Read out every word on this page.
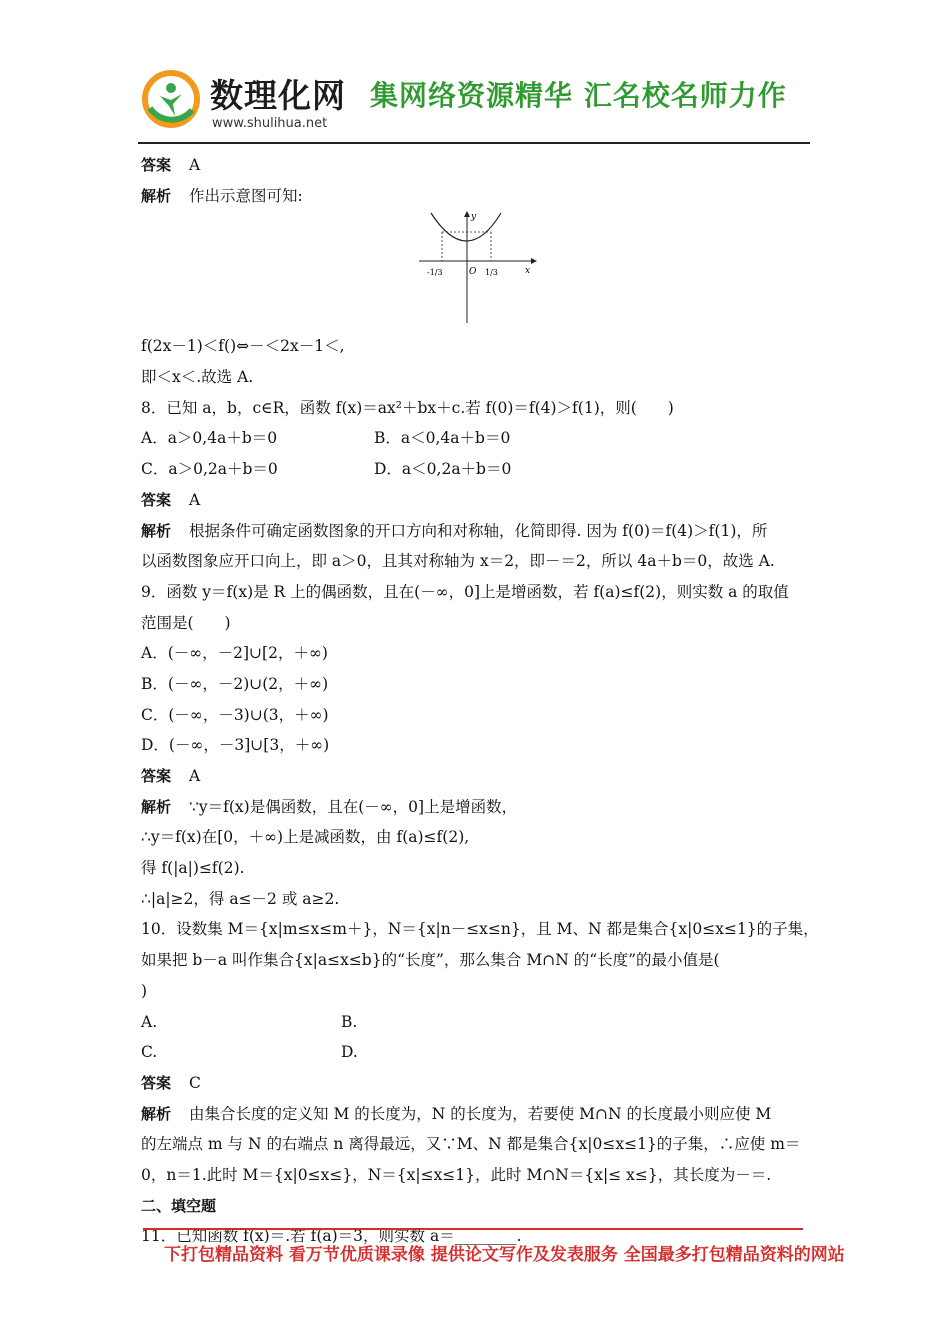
数理化网
www.shulihua.net
集网络资源精华 汇名校名师力作
答案 A
解析 作出示意图可知:
y
x
O
-1/3	1/3
f(2x－1)＜f()⇔－＜2x－1＜,
即＜x＜.故选 A.
8．已知 a，b，c∈R，函数 f(x)＝ax²＋bx＋c.若 f(0)＝f(4)＞f(1)，则(　　)
A．a＞0,4a＋b＝0	B．a＜0,4a＋b＝0
C．a＞0,2a＋b＝0	D．a＜0,2a＋b＝0
答案 A
解析 根据条件可确定函数图象的开口方向和对称轴，化简即得. 因为 f(0)＝f(4)＞f(1)，所
以函数图象应开口向上，即 a＞0，且其对称轴为 x＝2，即－＝2，所以 4a＋b＝0，故选 A.
9．函数 y＝f(x)是 R 上的偶函数，且在(－∞，0]上是增函数，若 f(a)≤f(2)，则实数 a 的取值
范围是(　　)
A．(－∞，－2]∪[2，＋∞)
B．(－∞，－2)∪(2，＋∞)
C．(－∞，－3)∪(3，＋∞)
D．(－∞，－3]∪[3，＋∞)
答案 A
解析 ∵y＝f(x)是偶函数，且在(－∞，0]上是增函数，
∴y＝f(x)在[0，＋∞)上是减函数，由 f(a)≤f(2),
得 f(|a|)≤f(2).
∴|a|≥2，得 a≤－2 或 a≥2.
10．设数集 M＝{x|m≤x≤m＋}，N＝{x|n－≤x≤n}，且 M、N 都是集合{x|0≤x≤1}的子集，
如果把 b－a 叫作集合{x|a≤x≤b}的“长度”，那么集合 M∩N 的“长度”的最小值是(
)
A.	B.
C.	D.
答案 C
解析 由集合长度的定义知 M 的长度为，N 的长度为，若要使 M∩N 的长度最小则应使 M
的左端点 m 与 N 的右端点 n 离得最远，又∵M、N 都是集合{x|0≤x≤1}的子集，∴应使 m＝
0，n＝1.此时 M＝{x|0≤x≤}，N＝{x|≤x≤1}，此时 M∩N＝{x|≤ x≤}，其长度为－＝.
二、填空题
11．已知函数 f(x)＝.若 f(a)＝3，则实数 a＝________.
下打包精品资料 看万节优质课录像 提供论文写作及发表服务 全国最多打包精品资料的网站
